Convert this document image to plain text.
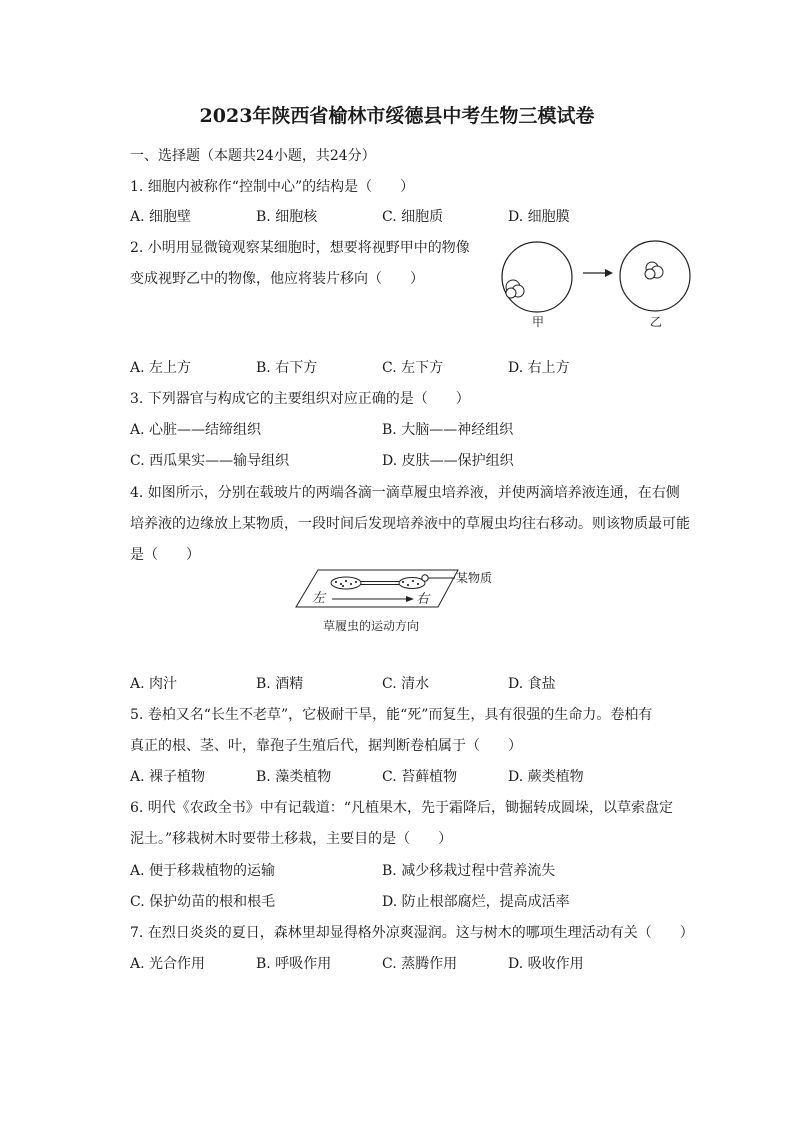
2023年陕西省榆林市绥德县中考生物三模试卷
一、选择题（本题共24小题，共24分）
1. 细胞内被称作“控制中心”的结构是（　　）
A. 细胞壁	B. 细胞核	C. 细胞质	D. 细胞膜
2. 小明用显微镜观察某细胞时，想要将视野甲中的物像
变成视野乙中的物像，他应将装片移向（　　）
甲	乙
A. 左上方	B. 右下方	C. 左下方	D. 右上方
3. 下列器官与构成它的主要组织对应正确的是（　　）
A. 心脏——结缔组织	B. 大脑——神经组织
C. 西瓜果实——输导组织	D. 皮肤——保护组织
4. 如图所示，分别在载玻片的两端各滴一滴草履虫培养液，并使两滴培养液连通，在右侧
培养液的边缘放上某物质，一段时间后发现培养液中的草履虫均往右移动。则该物质最可能
是（　　）
某物质
左	右
草履虫的运动方向
A. 肉汁	B. 酒精	C. 清水	D. 食盐
5. 卷柏又名“长生不老草”，它极耐干旱，能“死”而复生，具有很强的生命力。卷柏有
真正的根、茎、叶，靠孢子生殖后代，据判断卷柏属于（　　）
A. 裸子植物	B. 藻类植物	C. 苔藓植物	D. 蕨类植物
6. 明代《农政全书》中有记载道：“凡植果木，先于霜降后，锄掘转成圆垛，以草索盘定
泥土。”移栽树木时要带土移栽，主要目的是（　　）
A. 便于移栽植物的运输	B. 减少移栽过程中营养流失
C. 保护幼苗的根和根毛	D. 防止根部腐烂，提高成活率
7. 在烈日炎炎的夏日，森林里却显得格外凉爽湿润。这与树木的哪项生理活动有关（　　）
A. 光合作用	B. 呼吸作用	C. 蒸腾作用	D. 吸收作用
